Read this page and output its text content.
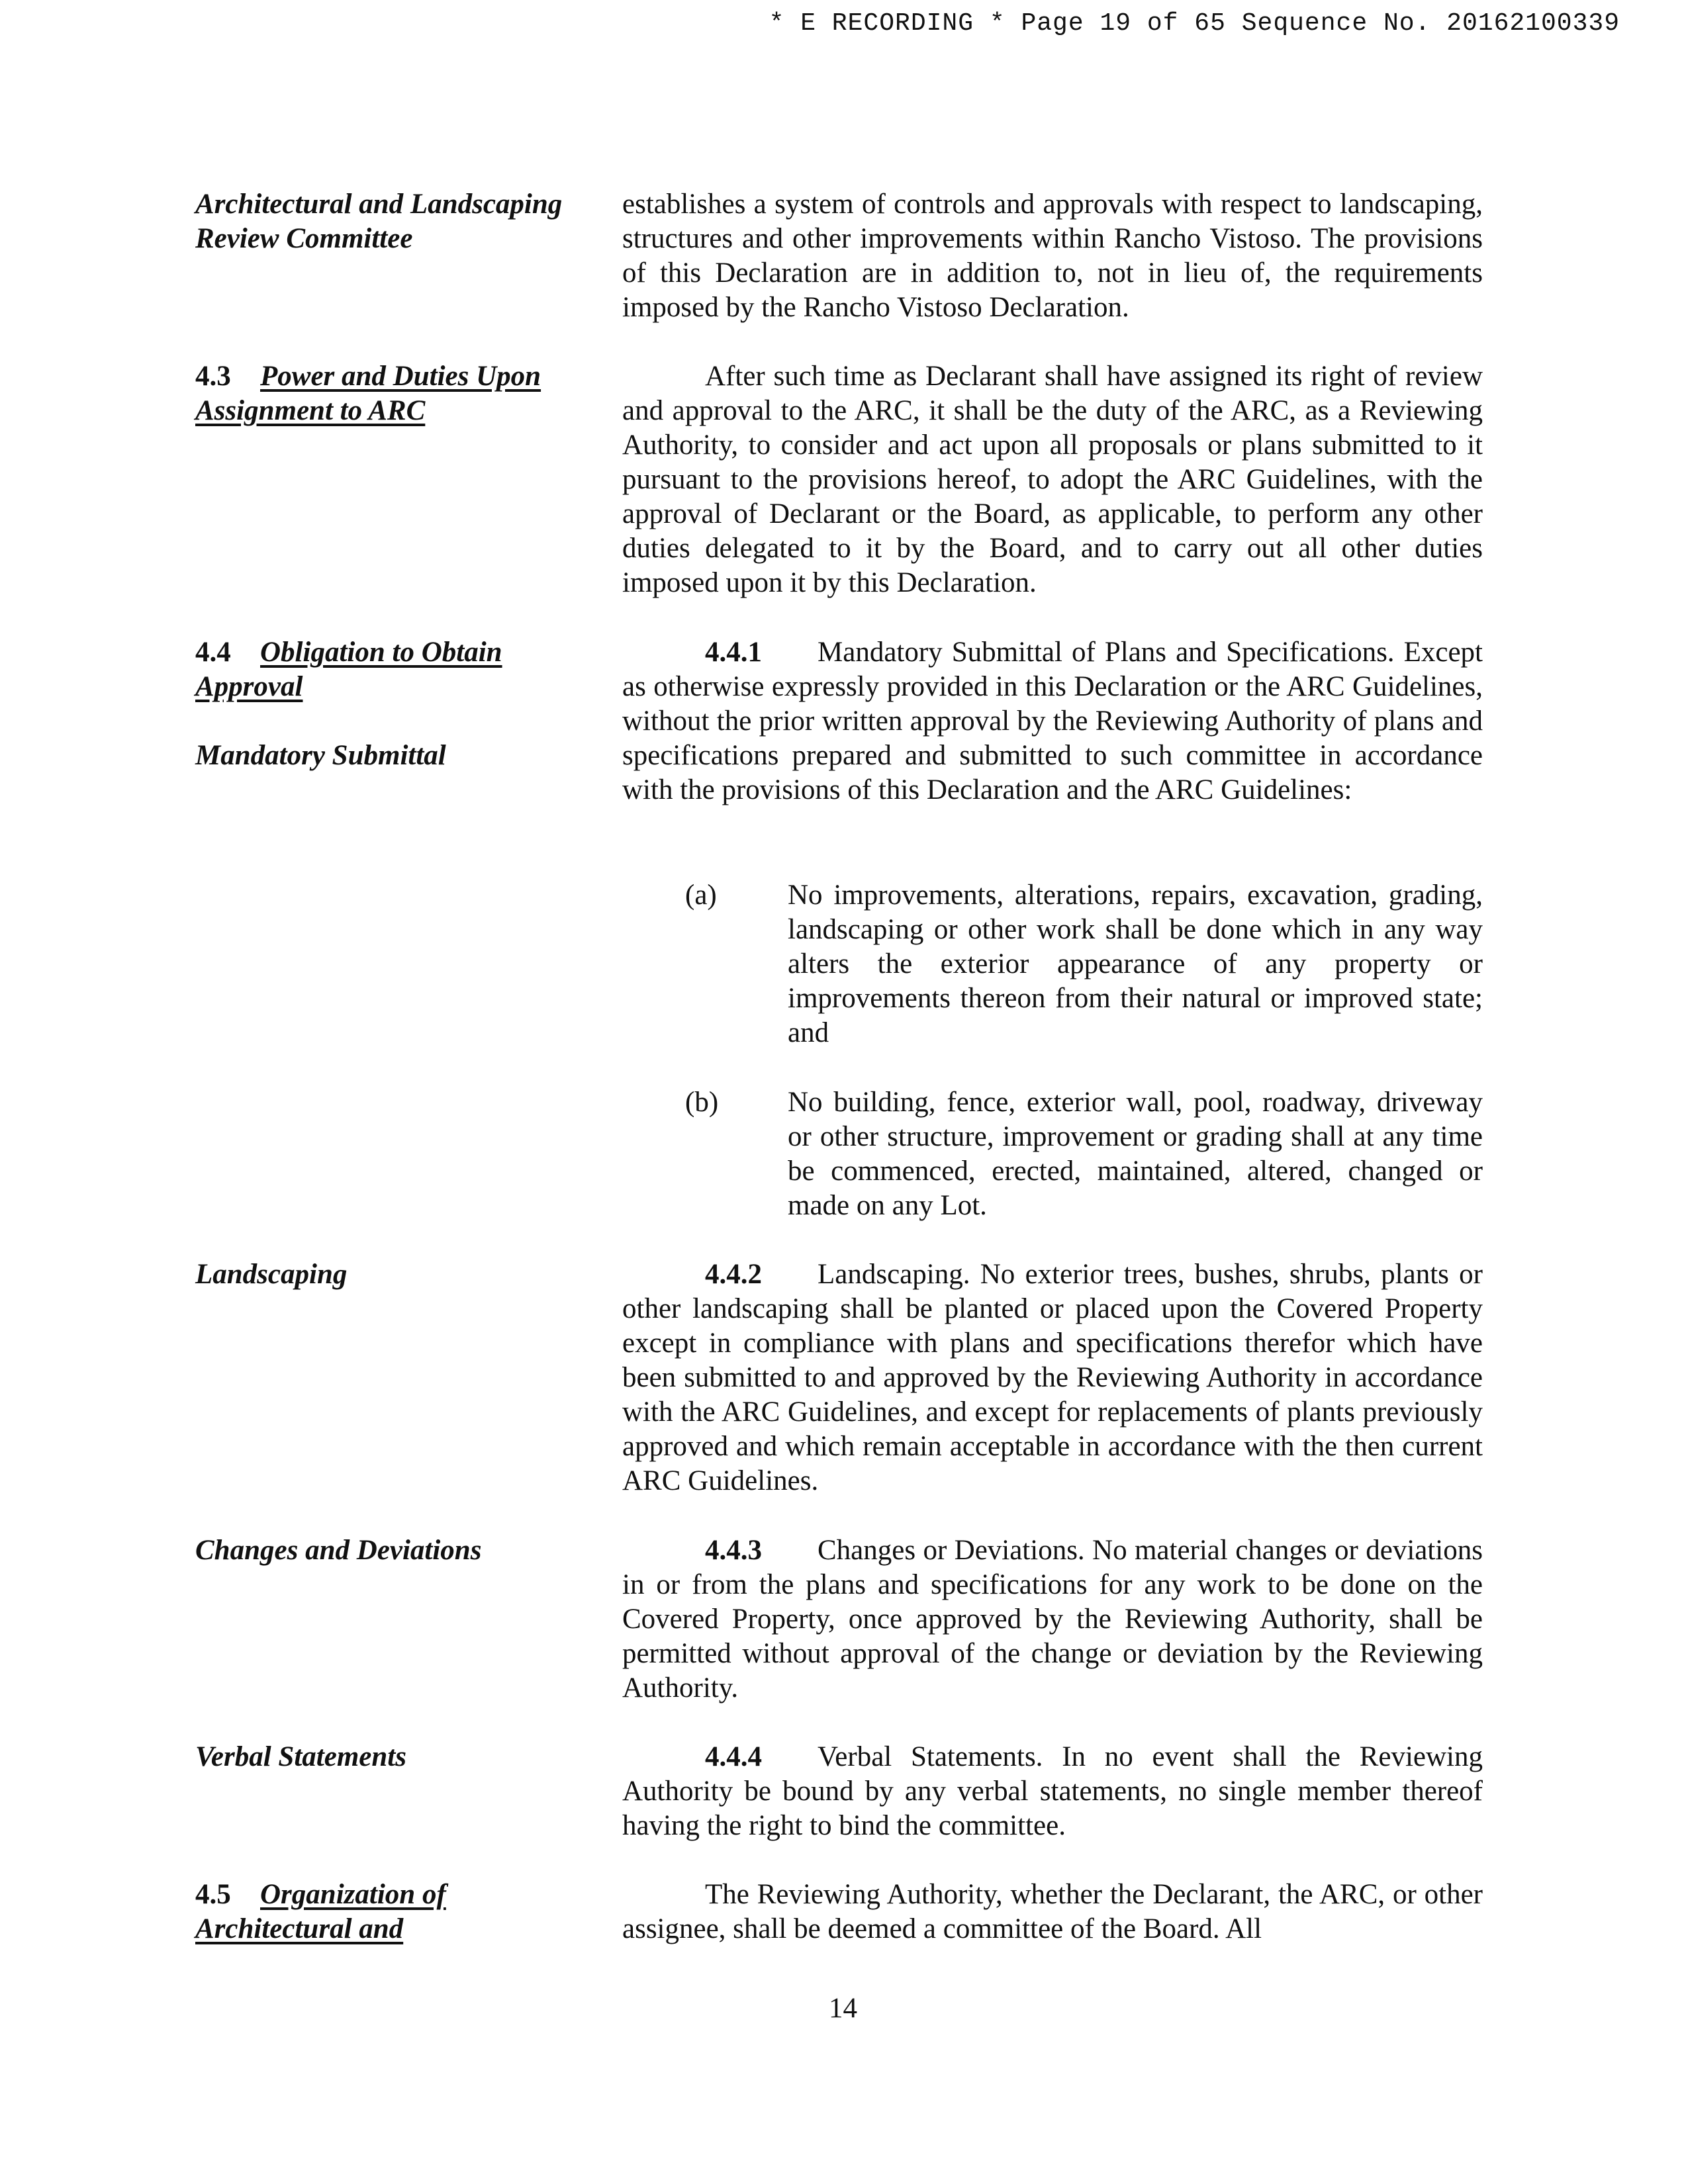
* E RECORDING * Page 19 of 65 Sequence No. 20162100339
Architectural and Landscaping Review Committee

establishes a system of controls and approvals with respect to landscaping, structures and other improvements within Rancho Vistoso. The provisions of this Declaration are in addition to, not in lieu of, the requirements imposed by the Rancho Vistoso Declaration.

4.3 Power and Duties Upon Assignment to ARC

After such time as Declarant shall have assigned its right of review and approval to the ARC, it shall be the duty of the ARC, as a Reviewing Authority, to consider and act upon all proposals or plans submitted to it pursuant to the provisions hereof, to adopt the ARC Guidelines, with the approval of Declarant or the Board, as applicable, to perform any other duties delegated to it by the Board, and to carry out all other duties imposed upon it by this Declaration.

4.4 Obligation to Obtain Approval
Mandatory Submittal

4.4.1 Mandatory Submittal of Plans and Specifications. Except as otherwise expressly provided in this Declaration or the ARC Guidelines, without the prior written approval by the Reviewing Authority of plans and specifications prepared and submitted to such committee in accordance with the provisions of this Declaration and the ARC Guidelines:

(a) No improvements, alterations, repairs, excavation, grading, landscaping or other work shall be done which in any way alters the exterior appearance of any property or improvements thereon from their natural or improved state; and
(b) No building, fence, exterior wall, pool, roadway, driveway or other structure, improvement or grading shall at any time be commenced, erected, maintained, altered, changed or made on any Lot.
Landscaping	4.4.2 Landscaping. No exterior trees, bushes, shrubs, plants or other landscaping shall be planted or placed upon the Covered Property except in compliance with plans and specifications therefor which have been submitted to and approved by the Reviewing Authority in accordance with the ARC Guidelines, and except for replacements of plants previously approved and which remain acceptable in accordance with the then current ARC Guidelines.

Changes and Deviations	4.4.3 Changes or Deviations. No material changes or deviations in or from the plans and specifications for any work to be done on the Covered Property, once approved by the Reviewing Authority, shall be permitted without approval of the change or deviation by the Reviewing Authority.

Verbal Statements	4.4.4 Verbal Statements. In no event shall the Reviewing Authority be bound by any verbal statements, no single member thereof having the right to bind the committee.

4.5 Organization of Architectural and

The Reviewing Authority, whether the Declarant, the ARC, or other assignee, shall be deemed a committee of the Board. All

14
